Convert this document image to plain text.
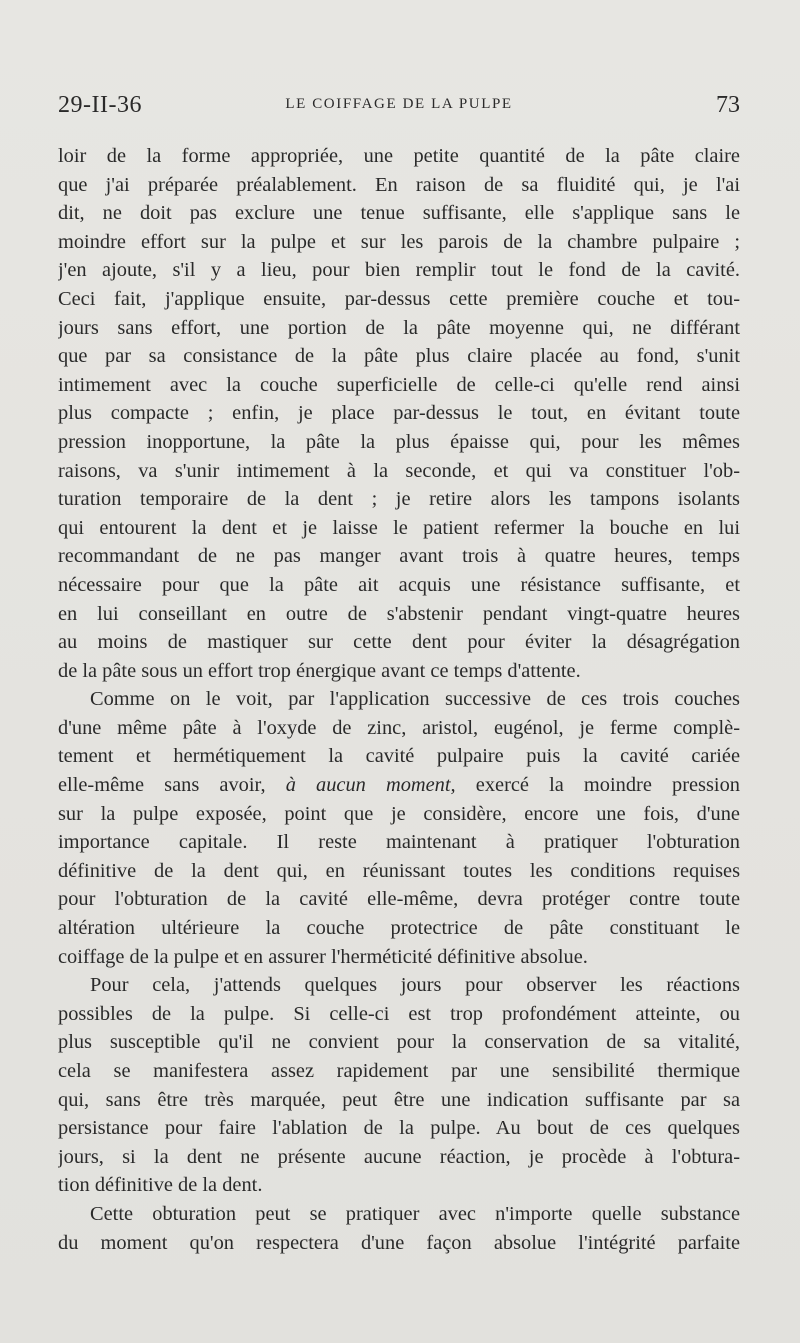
29-II-36	LE COIFFAGE DE LA PULPE	73
loir de la forme appropriée, une petite quantité de la pâte claire
que j'ai préparée préalablement. En raison de sa fluidité qui, je l'ai
dit, ne doit pas exclure une tenue suffisante, elle s'applique sans le
moindre effort sur la pulpe et sur les parois de la chambre pulpaire ;
j'en ajoute, s'il y a lieu, pour bien remplir tout le fond de la cavité.
Ceci fait, j'applique ensuite, par-dessus cette première couche et tou-
jours sans effort, une portion de la pâte moyenne qui, ne différant
que par sa consistance de la pâte plus claire placée au fond, s'unit
intimement avec la couche superficielle de celle-ci qu'elle rend ainsi
plus compacte ; enfin, je place par-dessus le tout, en évitant toute
pression inopportune, la pâte la plus épaisse qui, pour les mêmes
raisons, va s'unir intimement à la seconde, et qui va constituer l'ob-
turation temporaire de la dent ; je retire alors les tampons isolants
qui entourent la dent et je laisse le patient refermer la bouche en lui
recommandant de ne pas manger avant trois à quatre heures, temps
nécessaire pour que la pâte ait acquis une résistance suffisante, et
en lui conseillant en outre de s'abstenir pendant vingt-quatre heures
au moins de mastiquer sur cette dent pour éviter la désagrégation
de la pâte sous un effort trop énergique avant ce temps d'attente.
Comme on le voit, par l'application successive de ces trois couches
d'une même pâte à l'oxyde de zinc, aristol, eugénol, je ferme complè-
tement et hermétiquement la cavité pulpaire puis la cavité cariée
elle-même sans avoir, à aucun moment, exercé la moindre pression
sur la pulpe exposée, point que je considère, encore une fois, d'une
importance capitale. Il reste maintenant à pratiquer l'obturation
définitive de la dent qui, en réunissant toutes les conditions requises
pour l'obturation de la cavité elle-même, devra protéger contre toute
altération ultérieure la couche protectrice de pâte constituant le
coiffage de la pulpe et en assurer l'herméticité définitive absolue.
Pour cela, j'attends quelques jours pour observer les réactions
possibles de la pulpe. Si celle-ci est trop profondément atteinte, ou
plus susceptible qu'il ne convient pour la conservation de sa vitalité,
cela se manifestera assez rapidement par une sensibilité thermique
qui, sans être très marquée, peut être une indication suffisante par sa
persistance pour faire l'ablation de la pulpe. Au bout de ces quelques
jours, si la dent ne présente aucune réaction, je procède à l'obtura-
tion définitive de la dent.
Cette obturation peut se pratiquer avec n'importe quelle substance
du moment qu'on respectera d'une façon absolue l'intégrité parfaite
